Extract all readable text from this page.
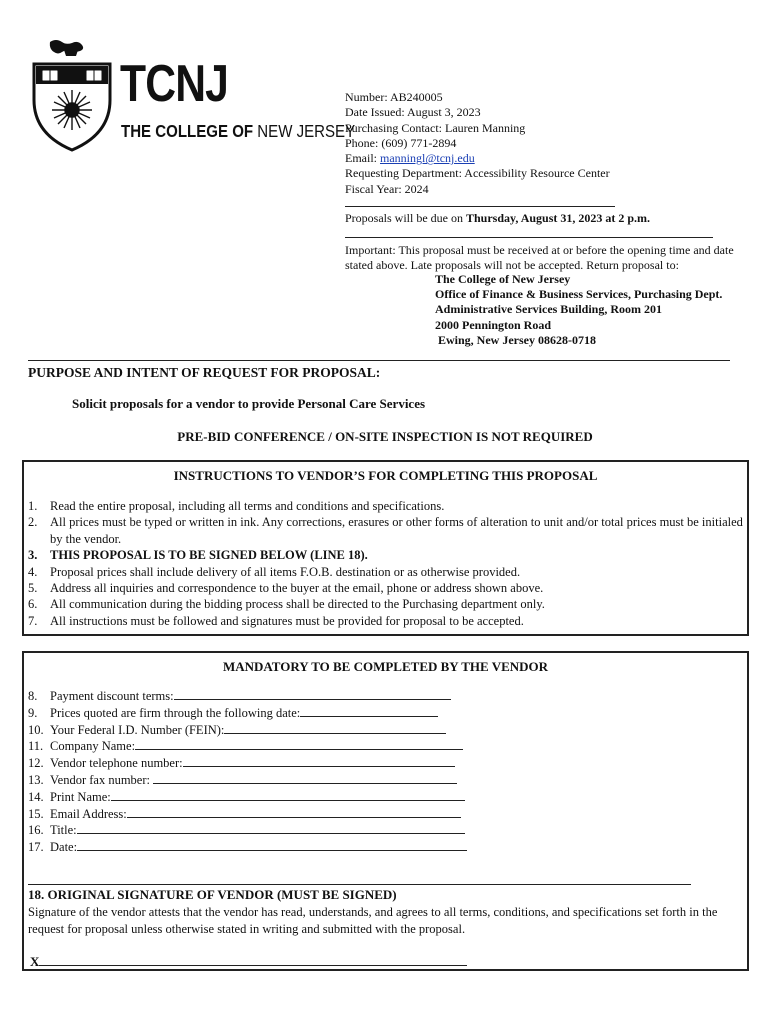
TCNJ
THE COLLEGE OF NEW JERSEY
Number: AB240005
Date Issued: August 3, 2023
Purchasing Contact: Lauren Manning
Phone: (609) 771-2894
Email: manningl@tcnj.edu
Requesting Department: Accessibility Resource Center
Fiscal Year: 2024
Proposals will be due on Thursday, August 31, 2023 at 2 p.m.
Important: This proposal must be received at or before the opening time and date stated above. Late proposals will not be accepted. Return proposal to:
The College of New Jersey
Office of Finance & Business Services, Purchasing Dept.
Administrative Services Building, Room 201
2000 Pennington Road
Ewing, New Jersey 08628-0718
PURPOSE AND INTENT OF REQUEST FOR PROPOSAL:
Solicit proposals for a vendor to provide Personal Care Services
PRE-BID CONFERENCE / ON-SITE INSPECTION IS NOT REQUIRED
INSTRUCTIONS TO VENDOR’S FOR COMPLETING THIS PROPOSAL
1. Read the entire proposal, including all terms and conditions and specifications.
2. All prices must be typed or written in ink. Any corrections, erasures or other forms of alteration to unit and/or total prices must be initialed by the vendor.
3. THIS PROPOSAL IS TO BE SIGNED BELOW (LINE 18).
4. Proposal prices shall include delivery of all items F.O.B. destination or as otherwise provided.
5. Address all inquiries and correspondence to the buyer at the email, phone or address shown above.
6. All communication during the bidding process shall be directed to the Purchasing department only.
7. All instructions must be followed and signatures must be provided for proposal to be accepted.
MANDATORY TO BE COMPLETED BY THE VENDOR
8. Payment discount terms:
9. Prices quoted are firm through the following date:
10. Your Federal I.D. Number (FEIN):
11. Company Name:
12. Vendor telephone number:
13. Vendor fax number:
14. Print Name:
15. Email Address:
16. Title:
17. Date:
18. ORIGINAL SIGNATURE OF VENDOR (MUST BE SIGNED)
Signature of the vendor attests that the vendor has read, understands, and agrees to all terms, conditions, and specifications set forth in the request for proposal unless otherwise stated in writing and submitted with the proposal.
X
